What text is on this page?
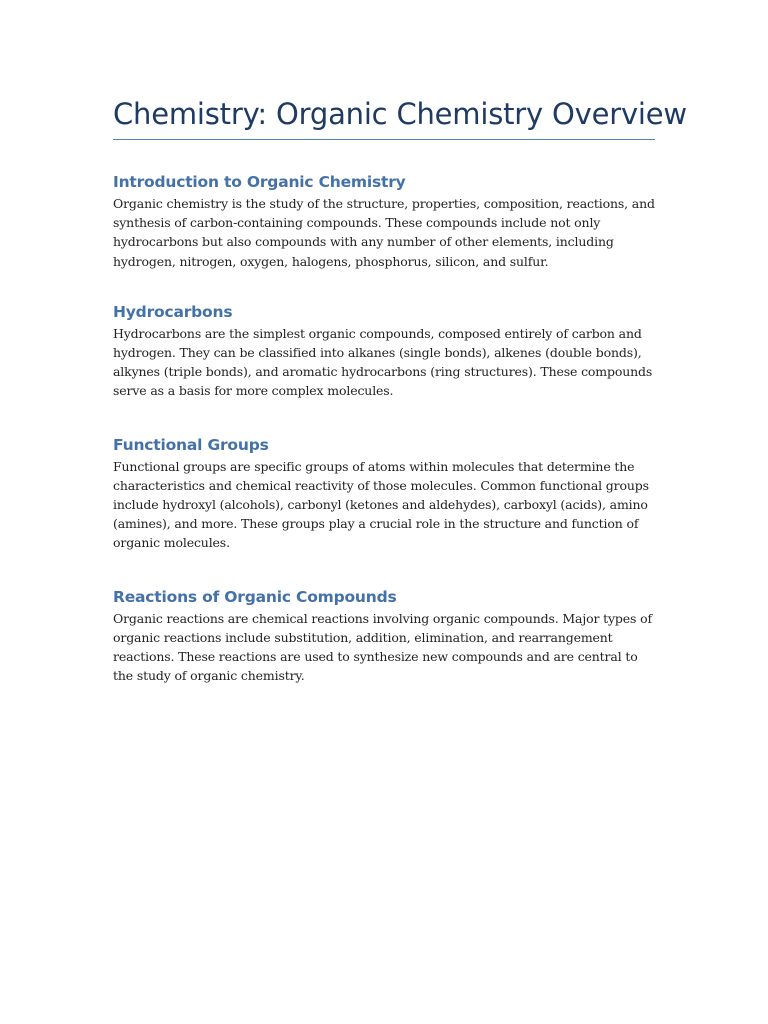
Chemistry: Organic Chemistry Overview
Introduction to Organic Chemistry

Organic chemistry is the study of the structure, properties, composition, reactions, and synthesis of carbon-containing compounds. These compounds include not only hydrocarbons but also compounds with any number of other elements, including hydrogen, nitrogen, oxygen, halogens, phosphorus, silicon, and sulfur.

Hydrocarbons

Hydrocarbons are the simplest organic compounds, composed entirely of carbon and hydrogen. They can be classified into alkanes (single bonds), alkenes (double bonds), alkynes (triple bonds), and aromatic hydrocarbons (ring structures). These compounds serve as a basis for more complex molecules.

Functional Groups

Functional groups are specific groups of atoms within molecules that determine the characteristics and chemical reactivity of those molecules. Common functional groups include hydroxyl (alcohols), carbonyl (ketones and aldehydes), carboxyl (acids), amino (amines), and more. These groups play a crucial role in the structure and function of organic molecules.

Reactions of Organic Compounds

Organic reactions are chemical reactions involving organic compounds. Major types of organic reactions include substitution, addition, elimination, and rearrangement reactions. These reactions are used to synthesize new compounds and are central to the study of organic chemistry.
